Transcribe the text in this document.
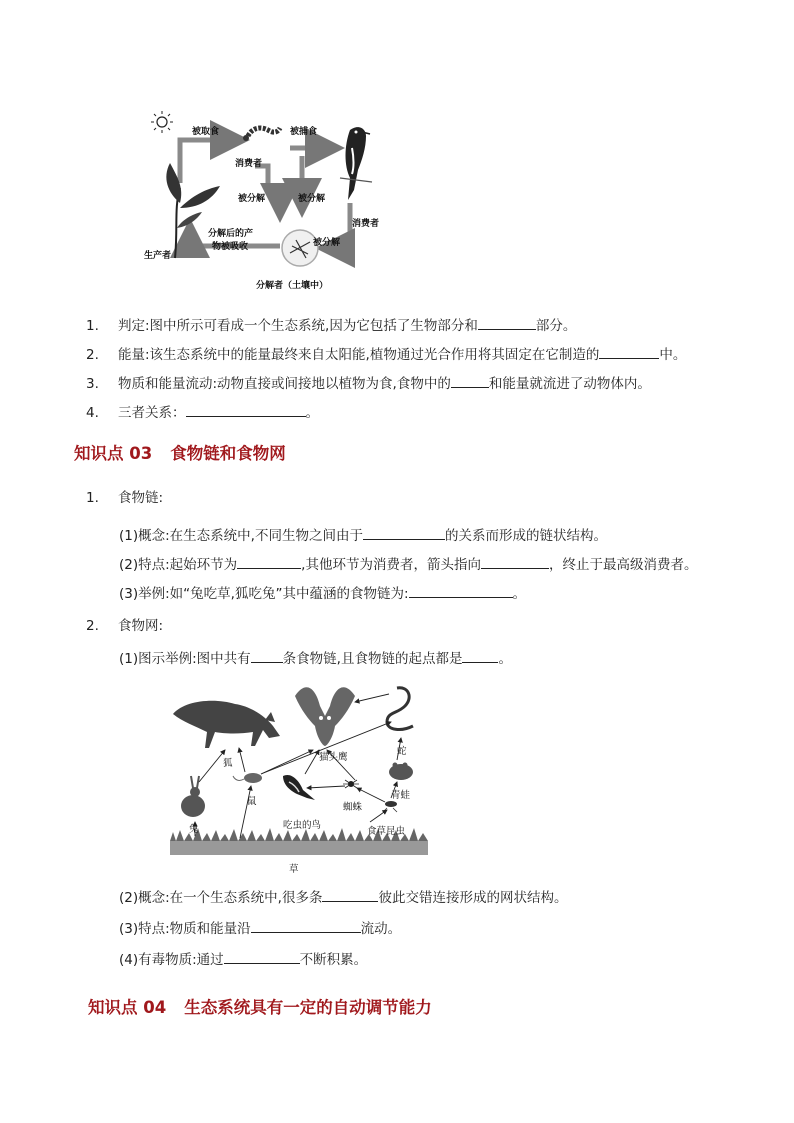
被取食	被捕食
消费者
被分解	被分解
被分解
消费者
分解后的产
物被吸收
生产者
分解者（土壤中）
1. 判定:图中所示可看成一个生态系统,因为它包括了生物部分和	部分。
2. 能量:该生态系统中的能量最终来自太阳能,植物通过光合作用将其固定在它制造的	中。
3. 物质和能量流动:动物直接或间接地以植物为食,食物中的	和能量就流进了动物体内。
4. 三者关系：	。
知识点 03 食物链和食物网
1. 食物链:
(1)概念:在生态系统中,不同生物之间由于	的关系而形成的链状结构。
(2)特点:起始环节为	,其他环节为消费者，箭头指向	，终止于最高级消费者。
(3)举例:如“兔吃草,狐吃兔”其中蕴涵的食物链为:	。
2. 食物网:
(1)图示举例:图中共有 条食物链,且食物链的起点都是	。
狐
猫头鹰
蛇
兔
鼠
青蛙
蜘蛛
吃虫的鸟
食草昆虫
草
(2)概念:在一个生态系统中,很多条	彼此交错连接形成的网状结构。
(3)特点:物质和能量沿	流动。
(4)有毒物质:通过	不断积累。
知识点 04 生态系统具有一定的自动调节能力
